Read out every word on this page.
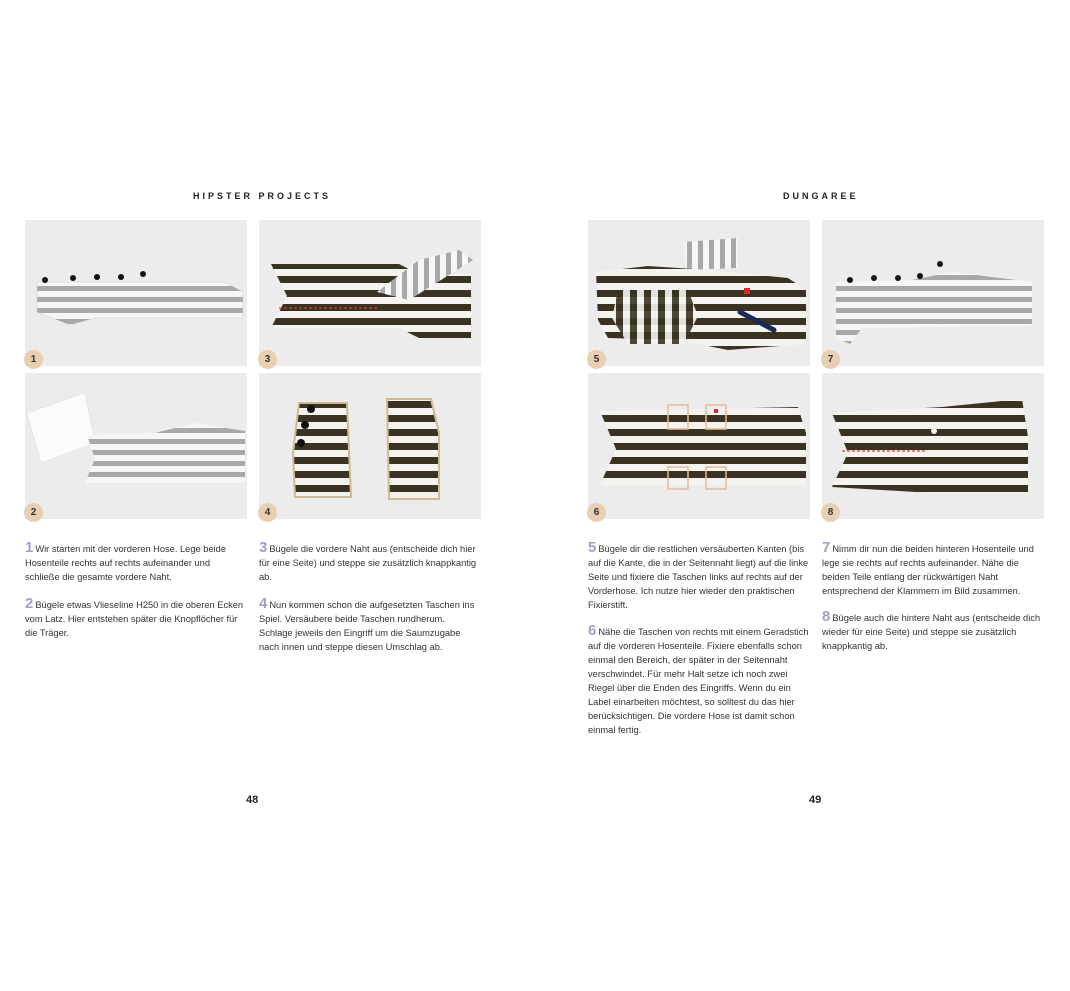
HIPSTER PROJECTS
1	3
2	4
1 Wir starten mit der vorderen Hose. Lege beide Hosenteile rechts auf rechts aufeinander und schließe die gesamte vordere Naht.
2 Bügele etwas Vlieseline H250 in die oberen Ecken vom Latz. Hier entstehen später die Knopflöcher für die Träger.
3 Bügele die vordere Naht aus (entscheide dich hier für eine Seite) und steppe sie zusätzlich knappkantig ab.
4 Nun kommen schon die aufgesetzten Taschen ins Spiel. Versäubere beide Taschen rundherum. Schlage jeweils den Eingriff um die Saumzugabe nach innen und steppe diesen Umschlag ab.
48
DUNGAREE
5	7
6	8
5 Bügele dir die restlichen versäuberten Kanten (bis auf die Kante, die in der Seitennaht liegt) auf die linke Seite und fixiere die Taschen links auf rechts auf der Vorderhose. Ich nutze hier wieder den praktischen Fixierstift.
6 Nähe die Taschen von rechts mit einem Geradstich auf die vorderen Hosenteile. Fixiere ebenfalls schon einmal den Bereich, der später in der Seitennaht verschwindet. Für mehr Halt setze ich noch zwei Riegel über die Enden des Eingriffs. Wenn du ein Label einarbeiten möchtest, so solltest du das hier berücksichtigen. Die vordere Hose ist damit schon einmal fertig.
7 Nimm dir nun die beiden hinteren Hosenteile und lege sie rechts auf rechts aufeinander. Nähe die beiden Teile entlang der rückwärtigen Naht entsprechend der Klammern im Bild zusammen.
8 Bügele auch die hintere Naht aus (entscheide dich wieder für eine Seite) und steppe sie zusätzlich knappkantig ab.
49
